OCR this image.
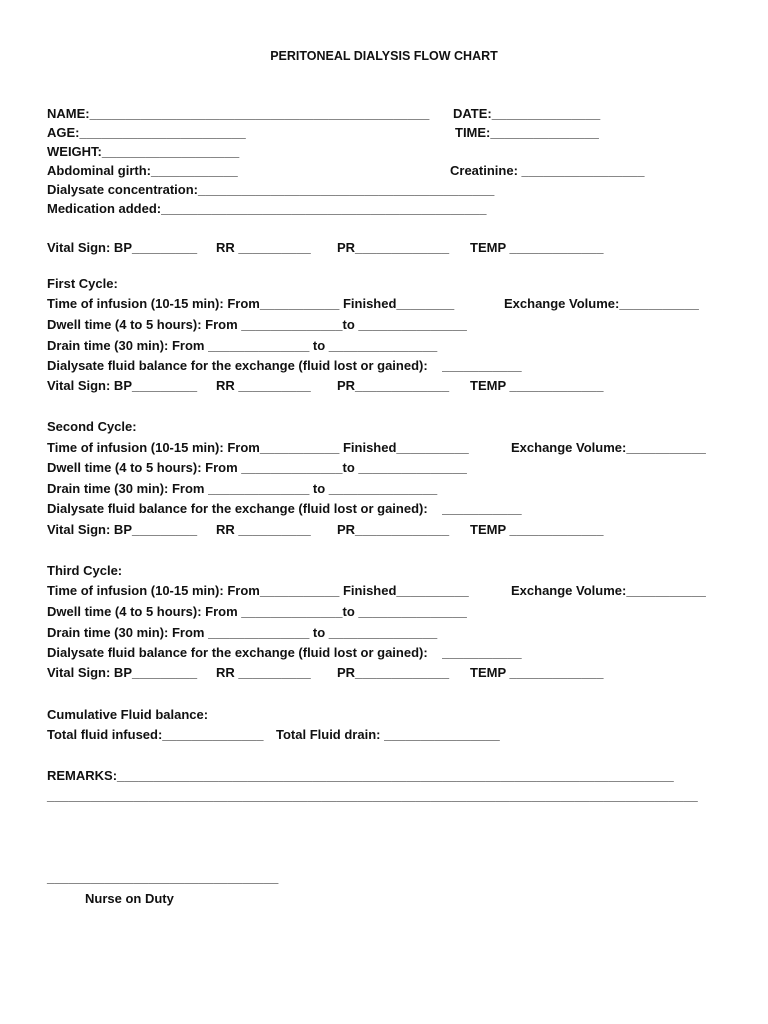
PERITONEAL DIALYSIS FLOW CHART
NAME:_______________________________________________ DATE:_______________
AGE:_______________________	TIME:_______________
WEIGHT:___________________
Abdominal girth:____________	Creatinine: _________________
Dialysate concentration:_________________________________________
Medication added:_____________________________________________
Vital Sign: BP_________ RR __________ PR_____________ TEMP _____________
First Cycle:
Time of infusion (10-15 min): From___________ Finished________	Exchange Volume:___________
Dwell time (4 to 5 hours): From ______________to _______________
Drain time (30 min): From ______________ to _______________
Dialysate fluid balance for the exchange (fluid lost or gained):    ___________
Vital Sign: BP_________ RR __________ PR_____________ TEMP _____________
Second Cycle:
Time of infusion (10-15 min): From___________ Finished__________	Exchange Volume:___________
Dwell time (4 to 5 hours): From ______________to _______________
Drain time (30 min): From ______________ to _______________
Dialysate fluid balance for the exchange (fluid lost or gained):    ___________
Vital Sign: BP_________ RR __________ PR_____________ TEMP _____________
Third Cycle:
Time of infusion (10-15 min): From___________ Finished__________	Exchange Volume:___________
Dwell time (4 to 5 hours): From ______________to _______________
Drain time (30 min): From ______________ to _______________
Dialysate fluid balance for the exchange (fluid lost or gained):    ___________
Vital Sign: BP_________ RR __________ PR_____________ TEMP _____________
Cumulative Fluid balance:
Total fluid infused:______________ Total Fluid drain: ________________
REMARKS:_____________________________________________________________________________
__________________________________________________________________________________________
________________________________
Nurse on Duty
